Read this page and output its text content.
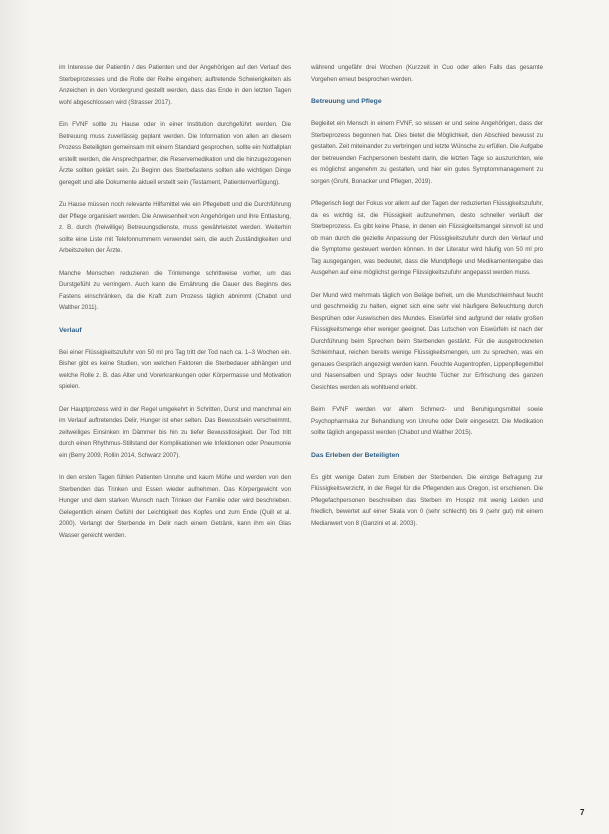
im Interesse der Patientin / des Patienten und der Angehörigen auf den Verlauf des Sterbeprozesses und die Rolle der Reihe eingehen; auftretende Schwierigkeiten als Anzeichen in den Vordergrund gestellt werden, dass das Ende in den letzten Tagen wohl abgeschlossen wird (Strasser 2017).
Ein FVNF sollte zu Hause oder in einer Institution durchgeführt werden. Die Betreuung muss zuverlässig geplant werden. Die Information von allen an diesem Prozess Beteiligten gemeinsam mit einem Standard gesprochen, sollte ein Notfallplan erstellt werden, die Ansprechpartner, die Reservemedikation und die hinzugezogenen Ärzte sollten geklärt sein. Zu Beginn des Sterbefastens sollten alle wichtigen Dinge geregelt und alle Dokumente aktuell erstellt sein (Testament, Patientenverfügung).
Zu Hause müssen noch relevante Hilfsmittel wie ein Pflegebett und die Durchführung der Pflege organisiert werden. Die Anwesenheit von Angehörigen und ihre Entlastung, z. B. durch (freiwillige) Betreuungsdienste, muss gewährleistet werden. Weiterhin sollte eine Liste mit Telefonnummern verwendet sein, die auch Zuständigkeiten und Arbeitszeiten der Ärzte.
Manche Menschen reduzieren die Trinkmenge schrittweise vorher, um das Durstgefühl zu verringern. Auch kann die Ernährung die Dauer des Beginns des Fastens einschränken, da die Kraft zum Prozess täglich abnimmt (Chabot und Walther 2011).
Verlauf
Bei einer Flüssigkeitszufuhr von 50 ml pro Tag tritt der Tod nach ca. 1–3 Wochen ein. Bisher gibt es keine Studien, von welchen Faktoren die Sterbedauer abhängen und welche Rolle z. B. das Alter und Vorerkrankungen oder Körpermasse und Motivation spielen.
Der Hauptprozess wird in der Regel umgekehrt in Schritten, Durst und manchmal ein im Verlauf auftretendes Delir, Hunger ist eher selten. Das Bewusstsein verschwimmt, zeitweiliges Einsinken im Dämmer bis hin zu tiefer Bewusstlosigkeit. Der Tod tritt durch einen Rhythmus-Stillstand der Komplikationen wie Infektionen oder Pneumonie ein (Berry 2009, Rollin 2014, Schwarz 2007).
In den ersten Tagen fühlen Patienten Unruhe und kaum Mühe und werden von den Sterbenden das Trinken und Essen wieder aufnehmen. Das Körpergewicht von Hunger und dem starken Wunsch nach Trinken der Familie oder wird beschrieben. Gelegentlich einem Gefühl der Leichtigkeit des Kopfes und zum Ende (Quill et al. 2000). Verlangt der Sterbende im Delir nach einem Getränk, kann ihm ein Glas Wasser gereicht werden.
während ungefähr drei Wochen (Kurzzeit in Cuo oder allen Falls das gesamte Vorgehen erneut besprochen werden.
Betreuung und Pflege
Begleitet ein Mensch in einem FVNF, so wissen er und seine Angehörigen, dass der Sterbeprozess begonnen hat. Dies bietet die Möglichkeit, den Abschied bewusst zu gestalten. Zeit miteinander zu verbringen und letzte Wünsche zu erfüllen. Die Aufgabe der betreuenden Fachpersonen besteht darin, die letzten Tage so auszurichten, wie es möglichst angenehm zu gestalten, und hier ein gutes Symptommanagement zu sorgen (Gruhl, Bonacker und Pflegen, 2019).
Pflegerisch liegt der Fokus vor allem auf der Tagen der reduzierten Flüssigkeitszufuhr, da es wichtig ist, die Flüssigkeit aufzunehmen, desto schneller verläuft der Sterbeprozess. Es gibt keine Phase, in denen ein Flüssigkeitsmangel sinnvoll ist und ob man durch die gezielte Anpassung der Flüssigkeitszufuhr durch den Verlauf und die Symptome gesteuert werden können. In der Literatur wird häufig von 50 ml pro Tag ausgegangen, was bedeutet, dass die Mundpflege und Medikamentengabe das Ausgehen auf eine möglichst geringe Flüssigkeitszufuhr angepasst werden muss.
Der Mund wird mehrmals täglich von Beläge befreit, um die Mundschleimhaut feucht und geschmeidig zu halten, eignet sich eine sehr viel häufigere Befeuchtung durch Besprühen oder Auswischen des Mundes. Eiswürfel sind aufgrund der relativ großen Flüssigkeitsmenge eher weniger geeignet. Das Lutschen von Eiswürfeln ist nach der Durchführung beim Sprechen beim Sterbenden gestärkt. Für die ausgetrockneten Schleimhaut, reichen bereits wenige Flüssigkeitsmengen, um zu sprechen, was ein genaues Gespräch angezeigt werden kann. Feuchte Augentropfen, Lippenpflegemittel und Nasensalben und Sprays oder feuchte Tücher zur Erfrischung des ganzen Gesichtes werden als wohltuend erlebt.
Beim FVNF werden vor allem Schmerz- und Beruhigungsmittel sowie Psychopharmaka zur Behandlung von Unruhe oder Delir eingesetzt. Die Medikation sollte täglich angepasst werden (Chabot und Walther 2015).
Das Erleben der Beteiligten
Es gibt wenige Daten zum Erleben der Sterbenden. Die einzige Befragung zur Flüssigkeitsverzicht, in der Regel für die Pflegenden aus Oregon, ist erschienen. Die Pflegefachpersonen beschreiben das Sterben im Hospiz mit wenig Leiden und friedlich, bewertet auf einer Skala von 0 (sehr schlecht) bis 9 (sehr gut) mit einem Medianwert von 8 (Ganzini et al. 2003).
7
